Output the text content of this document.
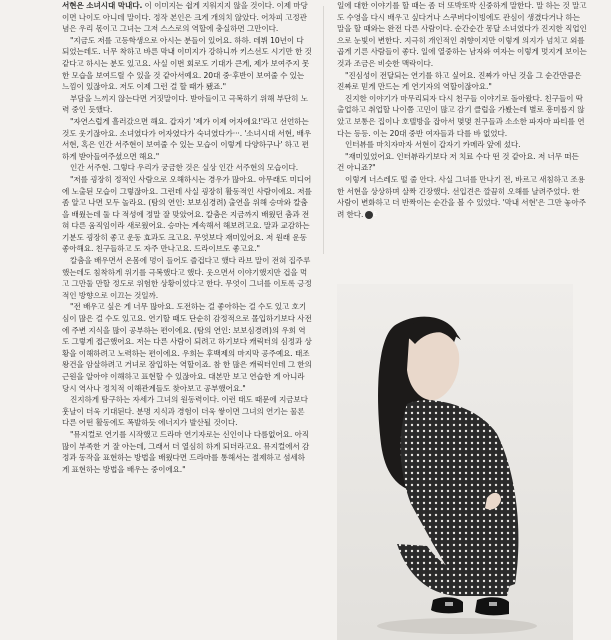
서현은 소녀시대 막내다. 이 이미지는 쉽게 지워지지 않을 것이다. 이제 마당이면 나이도 아니데 말이다. 정작 본인은 크게 개의치 않았다. 어차피 고정관념은 우리 몫이고 그녀는 그저 스스로의 역할에 충실하면 그만이다.

"지금도 저를 고등학생으로 아시는 분들이 있어요. 하하. 데뷔 10년이 다 되었는데도. 너무 착하고 바른 막내 이미지가 강하니까 키스선도 시기만 한 것 같다고 하시는 분도 있고요. 사실 이번 회로도 기대가 큰게, 제가 보여주지 못한 모습을 보여드릴 수 있을 것 같아서예요. 20대 중·후반이 보여줄 수 있는 느낌이 있잖아요. 저도 이제 그런 걸 할 때가 됐죠."

부담을 느끼지 않는다면 거짓말이다. 받아들이고 극복하기 위해 부단히 노력 중인 듯했다.

"자연스럽게 흘러갔으면 해요. 갑자기 '제가 이제 어자에요!'라고 선언하는 것도 웃기잖아요. 소녀였다가 어자였다가 숙녀였다가···. '소녀시대 서현, 배우 서현, 혹은 인간 서주현이 보여줄 수 있는 모습이 이렇게 다양하구나' 하고 편하게 받아들여주셨으면 해요."

인간 서주현. 그렇다 우리가 궁금한 것은 실상 인간 서주현의 모습이다.

"저를 굉장히 정적인 사람으로 오해하시는 경우가 많아요. 아무래도 미디어에 노출된 모습이 그렇잖아요. 그런데 사실 굉장히 활동적인 사람이에요. 저를 좀 알고 나면 모두 놀라요. (탐의 연인: 보보심경려) 출연을 위해 승마와 칼춤을 배웠는데 둘 다 적성에 정말 잘 맞았어요. 칼춤은 지금까지 배웠던 춤과 전혀 다른 움직임이라 새로웠어요. 승마는 계속해서 해보려고요. 말과 교감하는 기분도 굉장히 좋고 운동 효과도 크고요. 무엇보다 재미있어요. 저 원래 운동 좋아해요. 친구들하고 도 자주 만나고요. 드라이브도 좋고요."

칼춤을 배우면서 온몸에 멍이 들어도 즐겁다고 했다 라브 말이 전혀 집주루 했는데도 침착하게 위기를 극복했다고 했다. 웃으면서 이야기했지만 겁을 먹고 그만둘 만할 정도로 위험한 상황이었다고 한다. 무엇이 그녀를 이토록 긍정적인 방향으로 이끄는 것일까.

"전 배우고 싶은 게 너무 많아요. 도전하는 걸 좋아하는 걸 수도 있고 호기심이 많은 걸 수도 있고요. 연기할 때도 단순히 감정적으로 몰입하기보다 사전에 주변 지식을 많이 공부하는 편이에요. (탐의 연인: 보보심경려)의 우희 역도 그렇게 접근했어요. 저는 다른 사람이 되려고 하기보다 캐릭터의 심정과 상황을 이해하려고 노력하는 편이에요. 우희는 후백제의 마지막 공주예요. 태조 왕건을 암살하려고 거녀로 잠입하는 역할이죠. 참 한 많은 캐릭터인데 그 한의 근원을 알아야 이해하고 표현할 수 있잖아요. 대본만 보고 연습한 게 아니라 당시 역사나 정치적 이해관계들도 찾아보고 공부했어요."

진지하게 탐구하는 자세가 그녀의 원동력이다. 이런 태도 때문에 지금보다 훗날이 더욱 기대된다. 분명 지식과 경험이 더욱 쌓이면 그녀의 연기는 물론 다른 어떤 활동에도 폭발하듯 에너지가 발산될 것이다.

"뮤지컬로 연기를 시작했고 드라마 연기자로는 신인이나 다름없어요. 아직 많이 부족한 거 잘 아는데, 그래서 더 열심히 하게 되더라고요. 뮤지컬에서 감정과 동작을 표현하는 방법을 배웠다면 드라마를 통해서는 절제하고 섬세하게 표현하는 방법을 배우는 중이에요."

일에 대한 이야기를 할 때는 좀 더 또박또박 신중하게 말한다. 말 하는 것 말고도 수영을 다시 배우고 싶다거나 스쿠버다이빙에도 관심이 생겼다거나 하는 말을 할 때와는 완전 다른 사람이다. 순간순간 몽달 소녀였다가 진지한 직업인으로 눈빛이 변한다. 지극히 개인적인 취향이지만 이렇게 의지가 넘치고 외를 곱게 기른 사람들이 좋다. 일에 열중하는 남자와 여자는 이렇게 멋지게 보이는 것과 조금은 비슷한 맥락이다.

"진심성이 전달되는 연기를 하고 싶어요. 진짜가 아닌 것을 그 순간만큼은 진짜로 믿게 만드는 게 연기자의 역할이잖아요."

진지한 이야기가 마무리되자 다시 천구들 이야기로 돌아왔다. 친구들이 딱 출업하고 취업할 나이쯤 고민이 많고 감기 클럽을 가봤는데 별로 흥미롭지 않았고 보통은 집이나 호텔방을 잡아서 몇몇 친구들과 소소한 파자마 파티를 연다는 등등. 이는 20대 중반 여자들과 다를 바 없었다.

인터뷰를 마치자마자 서현이 갑자기 카메라 앞에 섰다.

"재미있었어요. 인터뷰라기보다 저 치료 수다 떤 것 같아요. 저 너무 떠든 건 아니죠?"

이렇게 너스레도 떨 줄 안다. 사실 그녀를 만나기 전, 바르고 새침하고 조용한 서현을 상상하며 살짝 긴장했다. 선입견은 깔끔히 오해를 날려주었다. 한 사람이 변화하고 더 반짝이는 순간을 볼 수 있었다. '막내 서현'은 그만 놓아주려 한다. E
